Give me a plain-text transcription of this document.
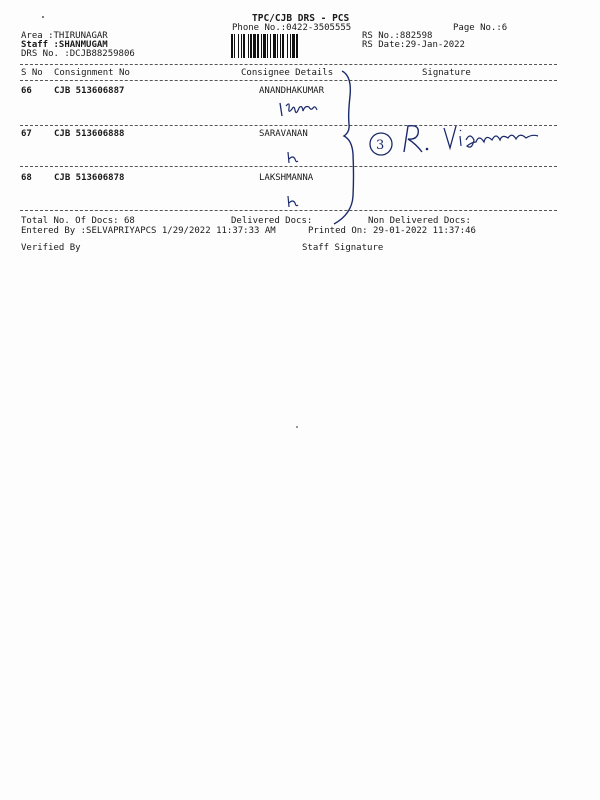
TPC/CJB DRS - PCS
Phone No.:0422-3505555	Page No.:6
Area :THIRUNAGAR
Staff :SHANMUGAM
DRS No. :DCJB88259806
RS No.:882598
RS Date:29-Jan-2022
S No Consignment No	Consignee Details	Signature
66 CJB 513606887	ANANDHAKUMAR
67 CJB 513606888	SARAVANAN
68 CJB 513606878	LAKSHMANNA
3
Total No. Of Docs: 68	Delivered Docs:	Non Delivered Docs:
Entered By :SELVAPRIYAPCS 1/29/2022 11:37:33 AM	Printed On: 29-01-2022 11:37:46
Verified By	Staff Signature
